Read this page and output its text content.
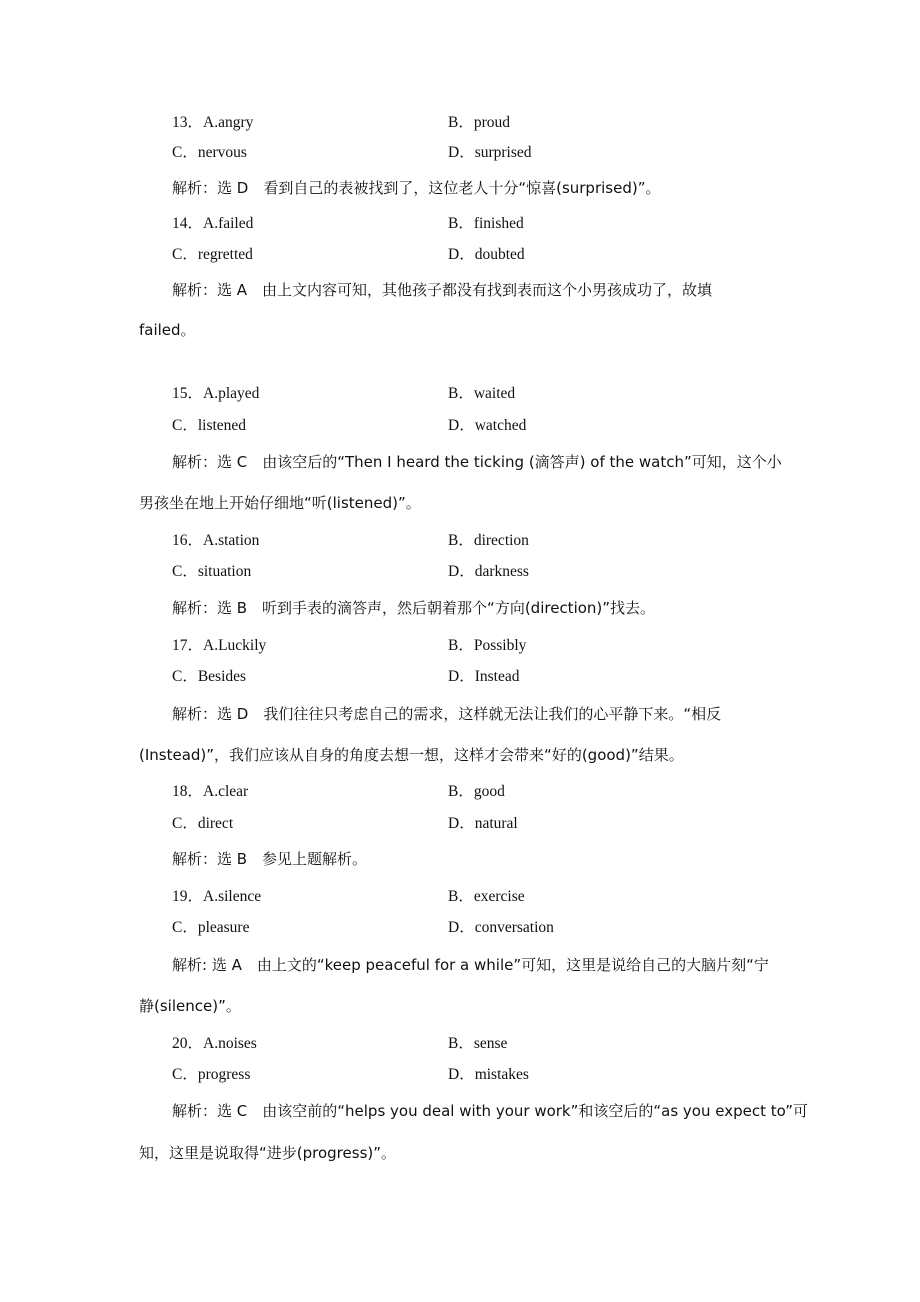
13．A.angry	B．proud
C．nervous	D．surprised
解析：选 D　看到自己的表被找到了，这位老人十分“惊喜(surprised)”。
14．A.failed	B．finished
C．regretted	D．doubted
解析：选 A　由上文内容可知，其他孩子都没有找到表而这个小男孩成功了，故填
failed。
15．A.played	B．waited
C．listened	D．watched
解析：选 C　由该空后的“Then I heard the ticking (滴答声) of the watch”可知，这个小
男孩坐在地上开始仔细地“听(listened)”。
16．A.station	B．direction
C．situation	D．darkness
解析：选 B　听到手表的滴答声，然后朝着那个“方向(direction)”找去。
17．A.Luckily	B．Possibly
C．Besides	D．Instead
解析：选 D　我们往往只考虑自己的需求，这样就无法让我们的心平静下来。“相反
(Instead)”，我们应该从自身的角度去想一想，这样才会带来“好的(good)”结果。
18．A.clear	B．good
C．direct	D．natural
解析：选 B　参见上题解析。
19．A.silence	B．exercise
C．pleasure	D．conversation
解析: 选 A　由上文的“keep peaceful for a while”可知，这里是说给自己的大脑片刻“宁
静(silence)”。
20．A.noises	B．sense
C．progress	D．mistakes
解析：选 C　由该空前的“helps you deal with your work”和该空后的“as you expect to”可
知，这里是说取得“进步(progress)”。
